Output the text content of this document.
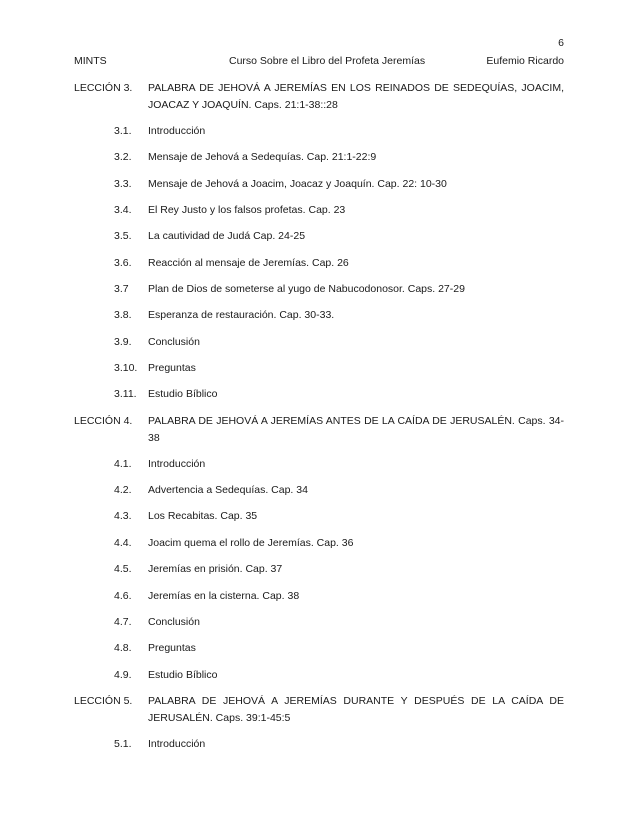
6
MINTS	Curso Sobre el Libro del Profeta Jeremías	Eufemio Ricardo
LECCIÓN 3. PALABRA DE JEHOVÁ A JEREMÍAS EN LOS REINADOS DE SEDEQUÍAS, JOACIM, JOACAZ Y JOAQUÍN. Caps. 21:1-38::28
3.1. Introducción
3.2. Mensaje de Jehová a Sedequías. Cap. 21:1-22:9
3.3. Mensaje de Jehová a Joacim, Joacaz y Joaquín. Cap. 22: 10-30
3.4. El Rey Justo y los falsos profetas. Cap. 23
3.5. La cautividad de Judá Cap. 24-25
3.6. Reacción al mensaje de Jeremías. Cap. 26
3.7 Plan de Dios de someterse al yugo de Nabucodonosor. Caps. 27-29
3.8. Esperanza de restauración. Cap. 30-33.
3.9. Conclusión
3.10. Preguntas
3.11. Estudio Bíblico
LECCIÓN 4. PALABRA DE JEHOVÁ A JEREMÍAS ANTES DE LA CAÍDA DE JERUSALÉN. Caps. 34-38
4.1. Introducción
4.2. Advertencia a Sedequías. Cap. 34
4.3. Los Recabitas. Cap. 35
4.4. Joacim quema el rollo de Jeremías. Cap. 36
4.5. Jeremías en prisión. Cap. 37
4.6. Jeremías en la cisterna. Cap. 38
4.7. Conclusión
4.8. Preguntas
4.9. Estudio Bíblico
LECCIÓN 5. PALABRA DE JEHOVÁ A JEREMÍAS DURANTE Y DESPUÉS DE LA CAÍDA DE JERUSALÉN. Caps. 39:1-45:5
5.1. Introducción
